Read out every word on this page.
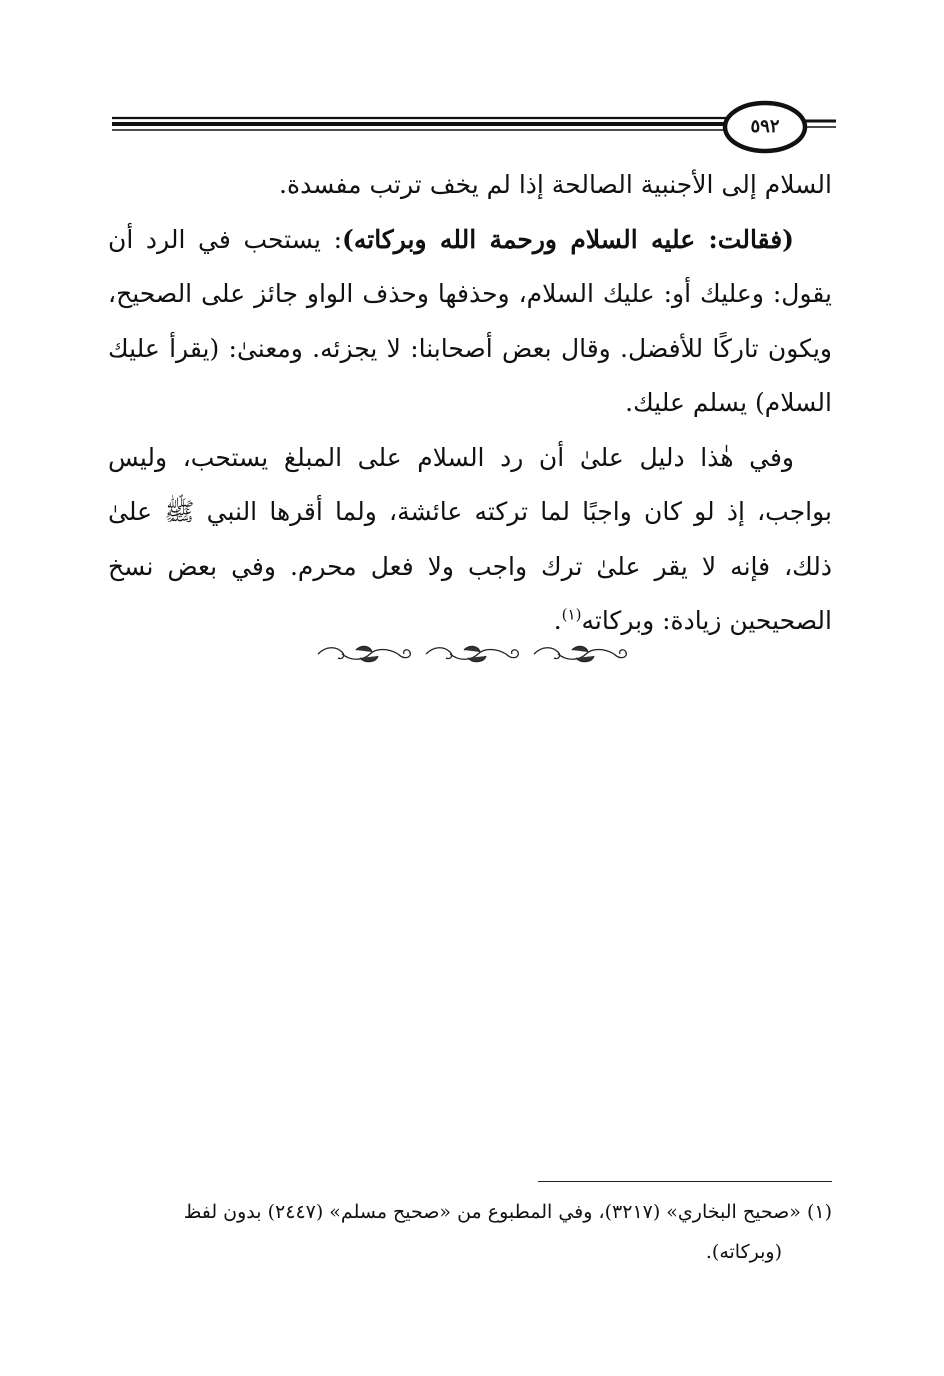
٥٩٢

السلام إلى الأجنبية الصالحة إذا لم يخف ترتب مفسدة.

(فقالت: عليه السلام ورحمة الله وبركاته): يستحب في الرد أن يقول: وعليك أو: عليك السلام، وحذفها وحذف الواو جائز على الصحيح، ويكون تاركًا للأفضل. وقال بعض أصحابنا: لا يجزئه. ومعنىٰ: (يقرأ عليك السلام) يسلم عليك.

وفي هٰذا دليل علىٰ أن رد السلام على المبلغ يستحب، وليس بواجب، إذ لو كان واجبًا لما تركته عائشة، ولما أقرها النبي ﷺ علىٰ ذلك، فإنه لا يقر علىٰ ترك واجب ولا فعل محرم. وفي بعض نسخ الصحيحين زيادة: وبركاته$^{(١)}$.

(١) «صحيح البخاري» (٣٢١٧)، وفي المطبوع من «صحيح مسلم» (٢٤٤٧) بدون لفظ

(وبركاته).
